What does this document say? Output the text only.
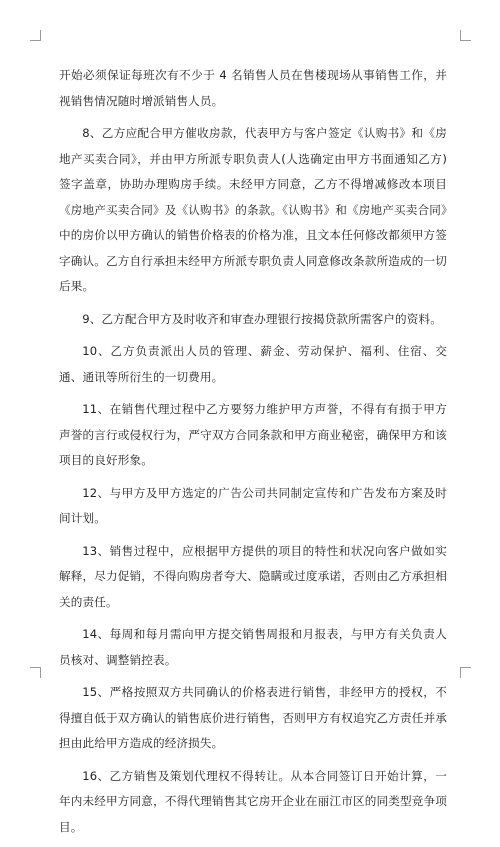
开始必须保证每班次有不少于 4 名销售人员在售楼现场从事销售工作，并视销售情况随时增派销售人员。

8、乙方应配合甲方催收房款，代表甲方与客户签定《认购书》和《房地产买卖合同》，并由甲方所派专职负责人(人选确定由甲方书面通知乙方)签字盖章，协助办理购房手续。未经甲方同意，乙方不得增减修改本项目《房地产买卖合同》及《认购书》的条款。《认购书》和《房地产买卖合同》中的房价以甲方确认的销售价格表的价格为准，且文本任何修改都须甲方签字确认。乙方自行承担未经甲方所派专职负责人同意修改条款所造成的一切后果。

9、乙方配合甲方及时收齐和审查办理银行按揭贷款所需客户的资料。

10、乙方负责派出人员的管理、薪金、劳动保护、福利、住宿、交通、通讯等所衍生的一切费用。

11、在销售代理过程中乙方要努力维护甲方声誉，不得有有损于甲方声誉的言行或侵权行为，严守双方合同条款和甲方商业秘密，确保甲方和该项目的良好形象。

12、与甲方及甲方选定的广告公司共同制定宣传和广告发布方案及时间计划。

13、销售过程中，应根据甲方提供的项目的特性和状况向客户做如实解释，尽力促销，不得向购房者夸大、隐瞒或过度承诺，否则由乙方承担相关的责任。

14、每周和每月需向甲方提交销售周报和月报表，与甲方有关负责人员核对、调整销控表。

15、严格按照双方共同确认的价格表进行销售，非经甲方的授权，不得擅自低于双方确认的销售底价进行销售，否则甲方有权追究乙方责任并承担由此给甲方造成的经济损失。

16、乙方销售及策划代理权不得转让。从本合同签订日开始计算，一年内未经甲方同意，不得代理销售其它房开企业在丽江市区的同类型竞争项目。
